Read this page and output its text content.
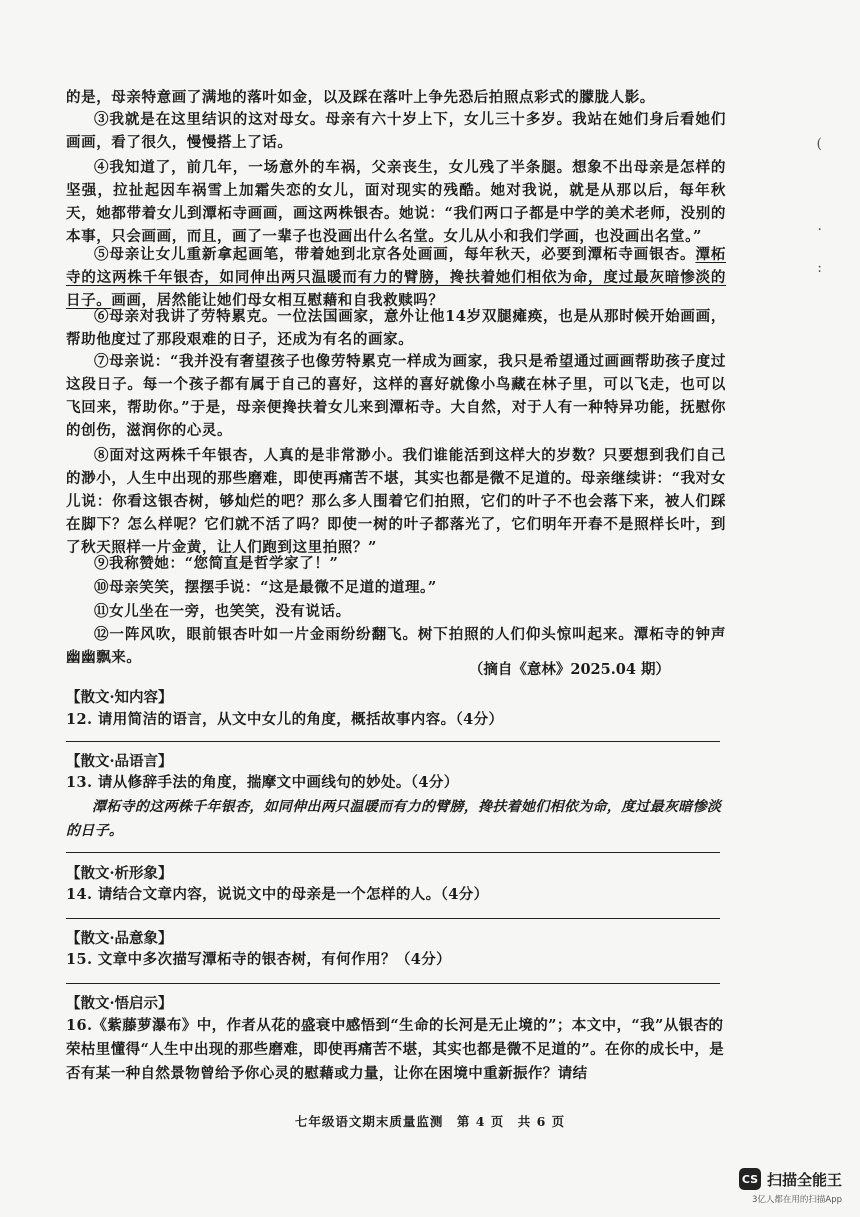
的是，母亲特意画了满地的落叶如金，以及踩在落叶上争先恐后拍照点彩式的朦胧人影。

③我就是在这里结识的这对母女。母亲有六十岁上下，女儿三十多岁。我站在她们身后看她们画画，看了很久，慢慢搭上了话。

④我知道了，前几年，一场意外的车祸，父亲丧生，女儿残了半条腿。想象不出母亲是怎样的坚强，拉扯起因车祸雪上加霜失恋的女儿，面对现实的残酷。她对我说，就是从那以后，每年秋天，她都带着女儿到潭柘寺画画，画这两株银杏。她说：“我们两口子都是中学的美术老师，没别的本事，只会画画，而且，画了一辈子也没画出什么名堂。女儿从小和我们学画，也没画出名堂。”

⑤母亲让女儿重新拿起画笔，带着她到北京各处画画，每年秋天，必要到潭柘寺画银杏。潭柘寺的这两株千年银杏，如同伸出两只温暖而有力的臂膀，搀扶着她们相依为命，度过最灰暗惨淡的日子。画画，居然能让她们母女相互慰藉和自我救赎吗？

⑥母亲对我讲了劳特累克。一位法国画家，意外让他14岁双腿瘫痪，也是从那时候开始画画，帮助他度过了那段艰难的日子，还成为有名的画家。

⑦母亲说：“我并没有奢望孩子也像劳特累克一样成为画家，我只是希望通过画画帮助孩子度过这段日子。每一个孩子都有属于自己的喜好，这样的喜好就像小鸟藏在林子里，可以飞走，也可以飞回来，帮助你。”于是，母亲便搀扶着女儿来到潭柘寺。大自然，对于人有一种特异功能，抚慰你的创伤，滋润你的心灵。

⑧面对这两株千年银杏，人真的是非常渺小。我们谁能活到这样大的岁数？只要想到我们自己的渺小，人生中出现的那些磨难，即使再痛苦不堪，其实也都是微不足道的。母亲继续讲：“我对女儿说：你看这银杏树，够灿烂的吧？那么多人围着它们拍照，它们的叶子不也会落下来，被人们踩在脚下？怎么样呢？它们就不活了吗？即使一树的叶子都落光了，它们明年开春不是照样长叶，到了秋天照样一片金黄，让人们跑到这里拍照？”

⑨我称赞她：“您简直是哲学家了！”

⑩母亲笑笑，摆摆手说：“这是最微不足道的道理。”

⑪女儿坐在一旁，也笑笑，没有说话。

⑫一阵风吹，眼前银杏叶如一片金雨纷纷翻飞。树下拍照的人们仰头惊叫起来。潭柘寺的钟声幽幽飘来。

（摘自《意林》2025.04 期）
【散文·知内容】
12. 请用简洁的语言，从文中女儿的角度，概括故事内容。（4分）
【散文·品语言】
13. 请从修辞手法的角度，揣摩文中画线句的妙处。（4分）
潭柘寺的这两株千年银杏，如同伸出两只温暖而有力的臂膀，搀扶着她们相依为命，度过最灰暗惨淡的日子。
【散文·析形象】
14. 请结合文章内容，说说文中的母亲是一个怎样的人。（4分）
【散文·品意象】
15. 文章中多次描写潭柘寺的银杏树，有何作用？（4分）
【散文·悟启示】
16.《紫藤萝瀑布》中，作者从花的盛衰中感悟到“生命的长河是无止境的”；本文中，“我”从银杏的荣枯里懂得“人生中出现的那些磨难，即使再痛苦不堪，其实也都是微不足道的”。在你的成长中，是否有某一种自然景物曾给予你心灵的慰藉或力量，让你在困境中重新振作？请结
七年级语文期末质量监测　第 4 页　共 6 页
(
·
:
CS 扫描全能王
3亿人都在用的扫描App
